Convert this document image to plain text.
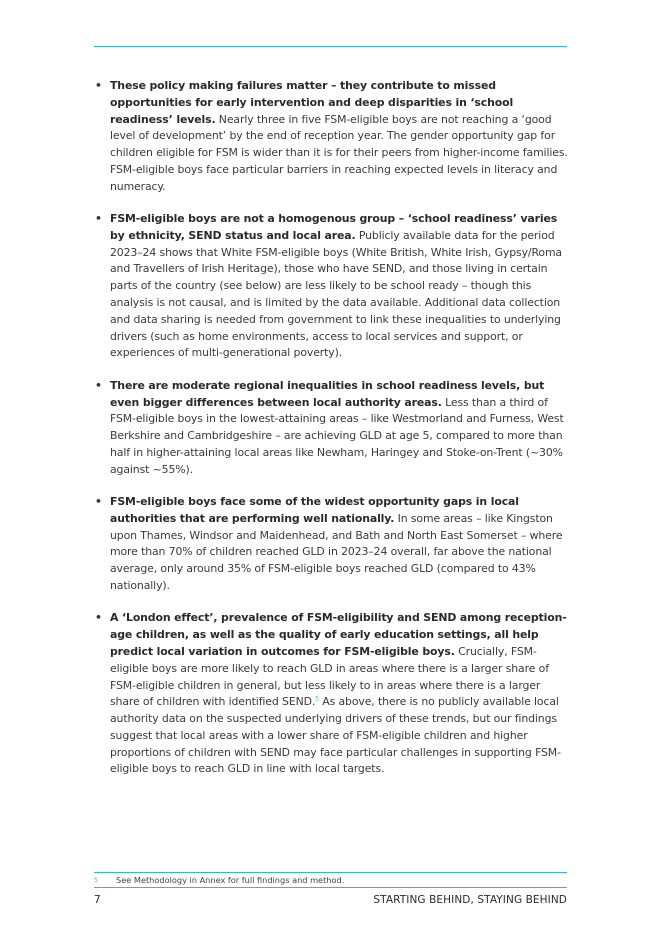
• These policy making failures matter – they contribute to missed opportunities for early intervention and deep disparities in ‘school readiness’ levels. Nearly three in five FSM-eligible boys are not reaching a ‘good level of development’ by the end of reception year. The gender opportunity gap for children eligible for FSM is wider than it is for their peers from higher-income families. FSM-eligible boys face particular barriers in reaching expected levels in literacy and numeracy.
• FSM-eligible boys are not a homogenous group – ‘school readiness’ varies by ethnicity, SEND status and local area. Publicly available data for the period 2023–24 shows that White FSM-eligible boys (White British, White Irish, Gypsy/Roma and Travellers of Irish Heritage), those who have SEND, and those living in certain parts of the country (see below) are less likely to be school ready – though this analysis is not causal, and is limited by the data available. Additional data collection and data sharing is needed from government to link these inequalities to underlying drivers (such as home environments, access to local services and support, or experiences of multi-generational poverty).
• There are moderate regional inequalities in school readiness levels, but even bigger differences between local authority areas. Less than a third of FSM-eligible boys in the lowest-attaining areas – like Westmorland and Furness, West Berkshire and Cambridgeshire – are achieving GLD at age 5, compared to more than half in higher-attaining local areas like Newham, Haringey and Stoke-on-Trent (~30% against ~55%).
• FSM-eligible boys face some of the widest opportunity gaps in local authorities that are performing well nationally. In some areas – like Kingston upon Thames, Windsor and Maidenhead, and Bath and North East Somerset – where more than 70% of children reached GLD in 2023–24 overall, far above the national average, only around 35% of FSM-eligible boys reached GLD (compared to 43% nationally).
• A ‘London effect’, prevalence of FSM-eligibility and SEND among reception-age children, as well as the quality of early education settings, all help predict local variation in outcomes for FSM-eligible boys. Crucially, FSM-eligible boys are more likely to reach GLD in areas where there is a larger share of FSM-eligible children in general, but less likely to in areas where there is a larger share of children with identified SEND.$^5$ As above, there is no publicly available local authority data on the suspected underlying drivers of these trends, but our findings suggest that local areas with a lower share of FSM-eligible children and higher proportions of children with SEND may face particular challenges in supporting FSM-eligible boys to reach GLD in line with local targets.
5 See Methodology in Annex for full findings and method.
7	STARTING BEHIND, STAYING BEHIND
